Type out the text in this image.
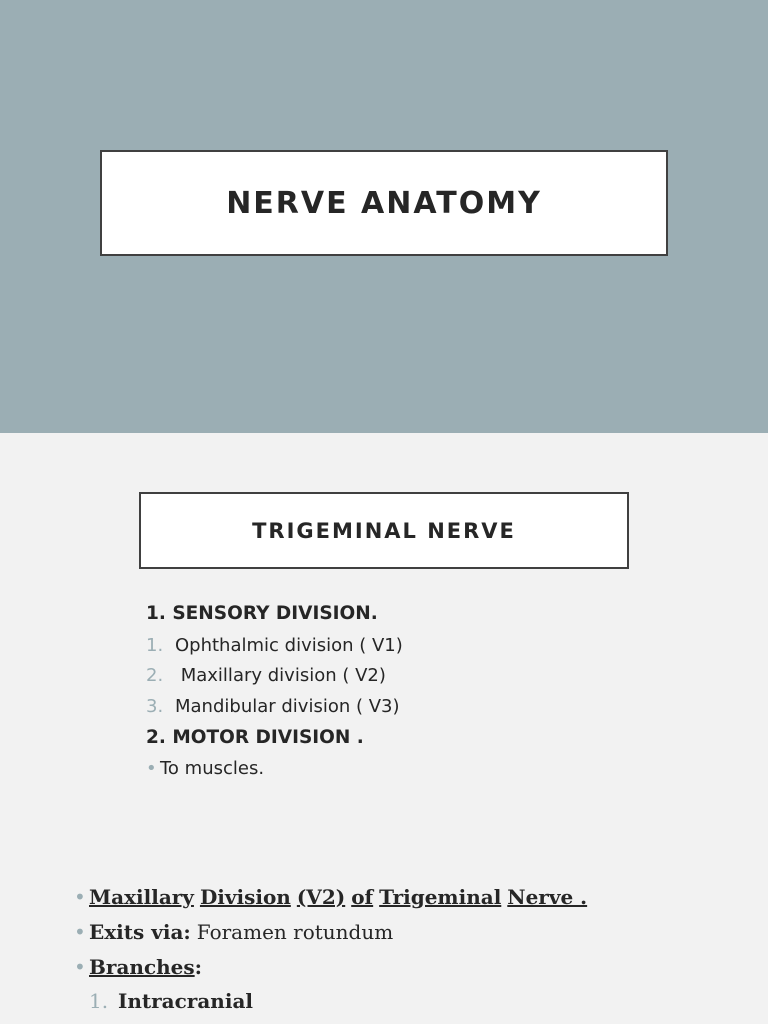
NERVE ANATOMY
TRIGEMINAL NERVE
1. SENSORY DIVISION.
1. Ophthalmic division ( V1)
2. Maxillary division ( V2)
3. Mandibular division ( V3)
2. MOTOR DIVISION .
• To muscles.
• Maxillary Division (V2) of Trigeminal Nerve .
• Exits via: Foramen rotundum
• Branches:
1. Intracranial
